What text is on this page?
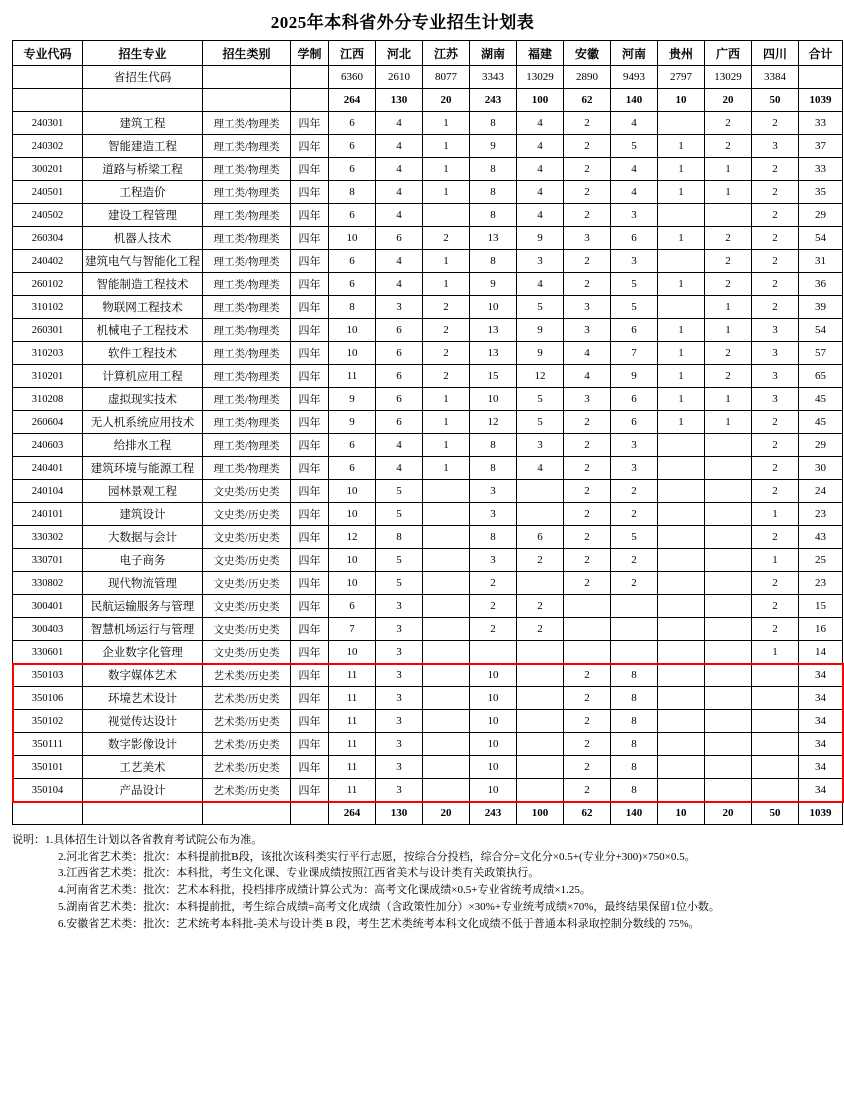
2025年本科省外分专业招生计划表
专业代码	招生专业	招生类别	学制	江西	河北	江苏	湖南	福建	安徽	河南	贵州	广西	四川	合计
	省招生代码			6360	2610	8077	3343	13029	2890	9493	2797	13029	3384	
				264	130	20	243	100	62	140	10	20	50	1039
240301	建筑工程	理工类/物理类	四年	6	4	1	8	4	2	4		2	2	33
240302	智能建造工程	理工类/物理类	四年	6	4	1	9	4	2	5	1	2	3	37
300201	道路与桥梁工程	理工类/物理类	四年	6	4	1	8	4	2	4	1	1	2	33
240501	工程造价	理工类/物理类	四年	8	4	1	8	4	2	4	1	1	2	35
240502	建设工程管理	理工类/物理类	四年	6	4		8	4	2	3			2	29
260304	机器人技术	理工类/物理类	四年	10	6	2	13	9	3	6	1	2	2	54
240402	建筑电气与智能化工程	理工类/物理类	四年	6	4	1	8	3	2	3		2	2	31
260102	智能制造工程技术	理工类/物理类	四年	6	4	1	9	4	2	5	1	2	2	36
310102	物联网工程技术	理工类/物理类	四年	8	3	2	10	5	3	5		1	2	39
260301	机械电子工程技术	理工类/物理类	四年	10	6	2	13	9	3	6	1	1	3	54
310203	软件工程技术	理工类/物理类	四年	10	6	2	13	9	4	7	1	2	3	57
310201	计算机应用工程	理工类/物理类	四年	11	6	2	15	12	4	9	1	2	3	65
310208	虚拟现实技术	理工类/物理类	四年	9	6	1	10	5	3	6	1	1	3	45
260604	无人机系统应用技术	理工类/物理类	四年	9	6	1	12	5	2	6	1	1	2	45
240603	给排水工程	理工类/物理类	四年	6	4	1	8	3	2	3			2	29
240401	建筑环境与能源工程	理工类/物理类	四年	6	4	1	8	4	2	3			2	30
240104	园林景观工程	文史类/历史类	四年	10	5		3		2	2			2	24
240101	建筑设计	文史类/历史类	四年	10	5		3		2	2			1	23
330302	大数据与会计	文史类/历史类	四年	12	8		8	6	2	5			2	43
330701	电子商务	文史类/历史类	四年	10	5		3	2	2	2			1	25
330802	现代物流管理	文史类/历史类	四年	10	5		2		2	2			2	23
300401	民航运输服务与管理	文史类/历史类	四年	6	3		2	2					2	15
300403	智慧机场运行与管理	文史类/历史类	四年	7	3		2	2					2	16
330601	企业数字化管理	文史类/历史类	四年	10	3								1	14
350103	数字媒体艺术	艺术类/历史类	四年	11	3		10		2	8				34
350106	环境艺术设计	艺术类/历史类	四年	11	3		10		2	8				34
350102	视觉传达设计	艺术类/历史类	四年	11	3		10		2	8				34
350111	数字影像设计	艺术类/历史类	四年	11	3		10		2	8				34
350101	工艺美术	艺术类/历史类	四年	11	3		10		2	8				34
350104	产品设计	艺术类/历史类	四年	11	3		10		2	8				34
				264	130	20	243	100	62	140	10	20	50	1039
说明：1.具体招生计划以各省教育考试院公布为准。
2.河北省艺术类：批次：本科提前批B段，该批次该科类实行平行志愿，按综合分投档，综合分=文化分×0.5+(专业分+300)×750×0.5。
3.江西省艺术类：批次：本科批，考生文化课、专业课成绩按照江西省美术与设计类有关政策执行。
4.河南省艺术类：批次：艺术本科批，投档排序成绩计算公式为：高考文化课成绩×0.5+专业省统考成绩×1.25。
5.湖南省艺术类：批次：本科提前批，考生综合成绩=高考文化成绩（含政策性加分）×30%+专业统考成绩×70%，最终结果保留1位小数。
6.安徽省艺术类：批次：艺术统考本科批-美术与设计类 B 段，考生艺术类统考本科文化成绩不低于普通本科录取控制分数线的 75%。
